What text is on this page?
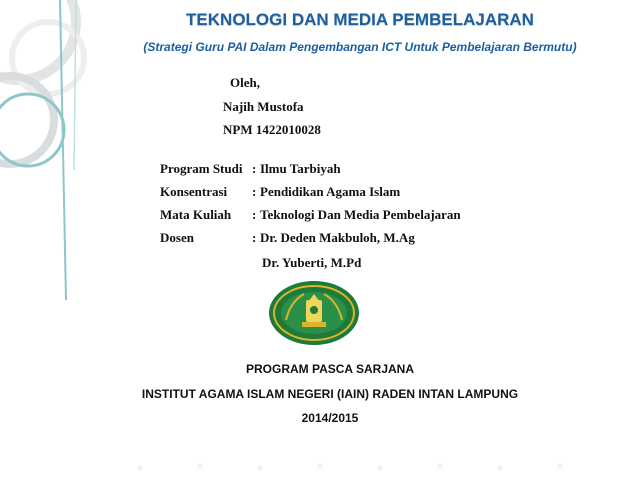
TEKNOLOGI DAN MEDIA PEMBELAJARAN
(Strategi Guru PAI Dalam Pengembangan ICT Untuk Pembelajaran Bermutu)
Oleh,
Najih Mustofa
NPM 1422010028
Program Studi : Ilmu Tarbiyah
Konsentrasi	: Pendidikan Agama Islam
Mata Kuliah	: Teknologi Dan Media Pembelajaran
Dosen	: Dr. Deden Makbuloh, M.Ag
Dr. Yuberti, M.Pd
PROGRAM PASCA SARJANA
INSTITUT AGAMA ISLAM NEGERI (IAIN) RADEN INTAN LAMPUNG
2014/2015
